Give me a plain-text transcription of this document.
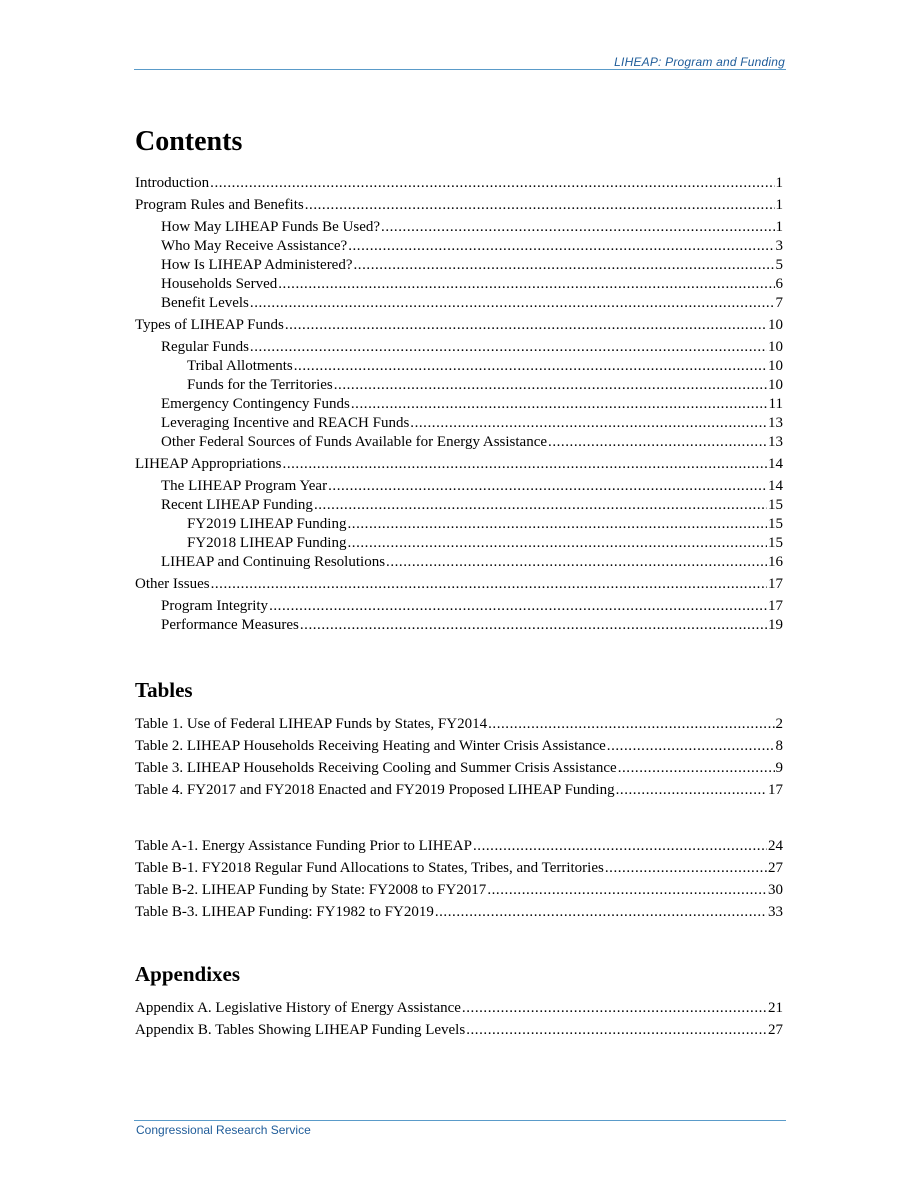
LIHEAP: Program and Funding
Contents
Introduction . . .	1
Program Rules and Benefits . . .	1
How May LIHEAP Funds Be Used? . . .	1
Who May Receive Assistance? . . .	3
How Is LIHEAP Administered? . . .	5
Households Served . . .	6
Benefit Levels . . .	7
Types of LIHEAP Funds . . .	10
Regular Funds . . .	10
Tribal Allotments . . .	10
Funds for the Territories . . .	10
Emergency Contingency Funds . . .	11
Leveraging Incentive and REACH Funds . . .	13
Other Federal Sources of Funds Available for Energy Assistance . . .	13
LIHEAP Appropriations . . .	14
The LIHEAP Program Year . . .	14
Recent LIHEAP Funding . . .	15
FY2019 LIHEAP Funding . . .	15
FY2018 LIHEAP Funding . . .	15
LIHEAP and Continuing Resolutions . . .	16
Other Issues . . .	17
Program Integrity . . .	17
Performance Measures . . .	19
Tables
Table 1. Use of Federal LIHEAP Funds by States, FY2014 . . .	2
Table 2. LIHEAP Households Receiving Heating and Winter Crisis Assistance . . .	8
Table 3. LIHEAP Households Receiving Cooling and Summer Crisis Assistance . . .	9
Table 4. FY2017 and FY2018 Enacted and FY2019 Proposed LIHEAP Funding . . .	17
Table A-1. Energy Assistance Funding Prior to LIHEAP . . .	24
Table B-1. FY2018 Regular Fund Allocations to States, Tribes, and Territories . . .	27
Table B-2. LIHEAP Funding by State: FY2008 to FY2017 . . .	30
Table B-3. LIHEAP Funding: FY1982 to FY2019 . . .	33
Appendixes
Appendix A. Legislative History of Energy Assistance . . .	21
Appendix B. Tables Showing LIHEAP Funding Levels . . .	27
Congressional Research Service
